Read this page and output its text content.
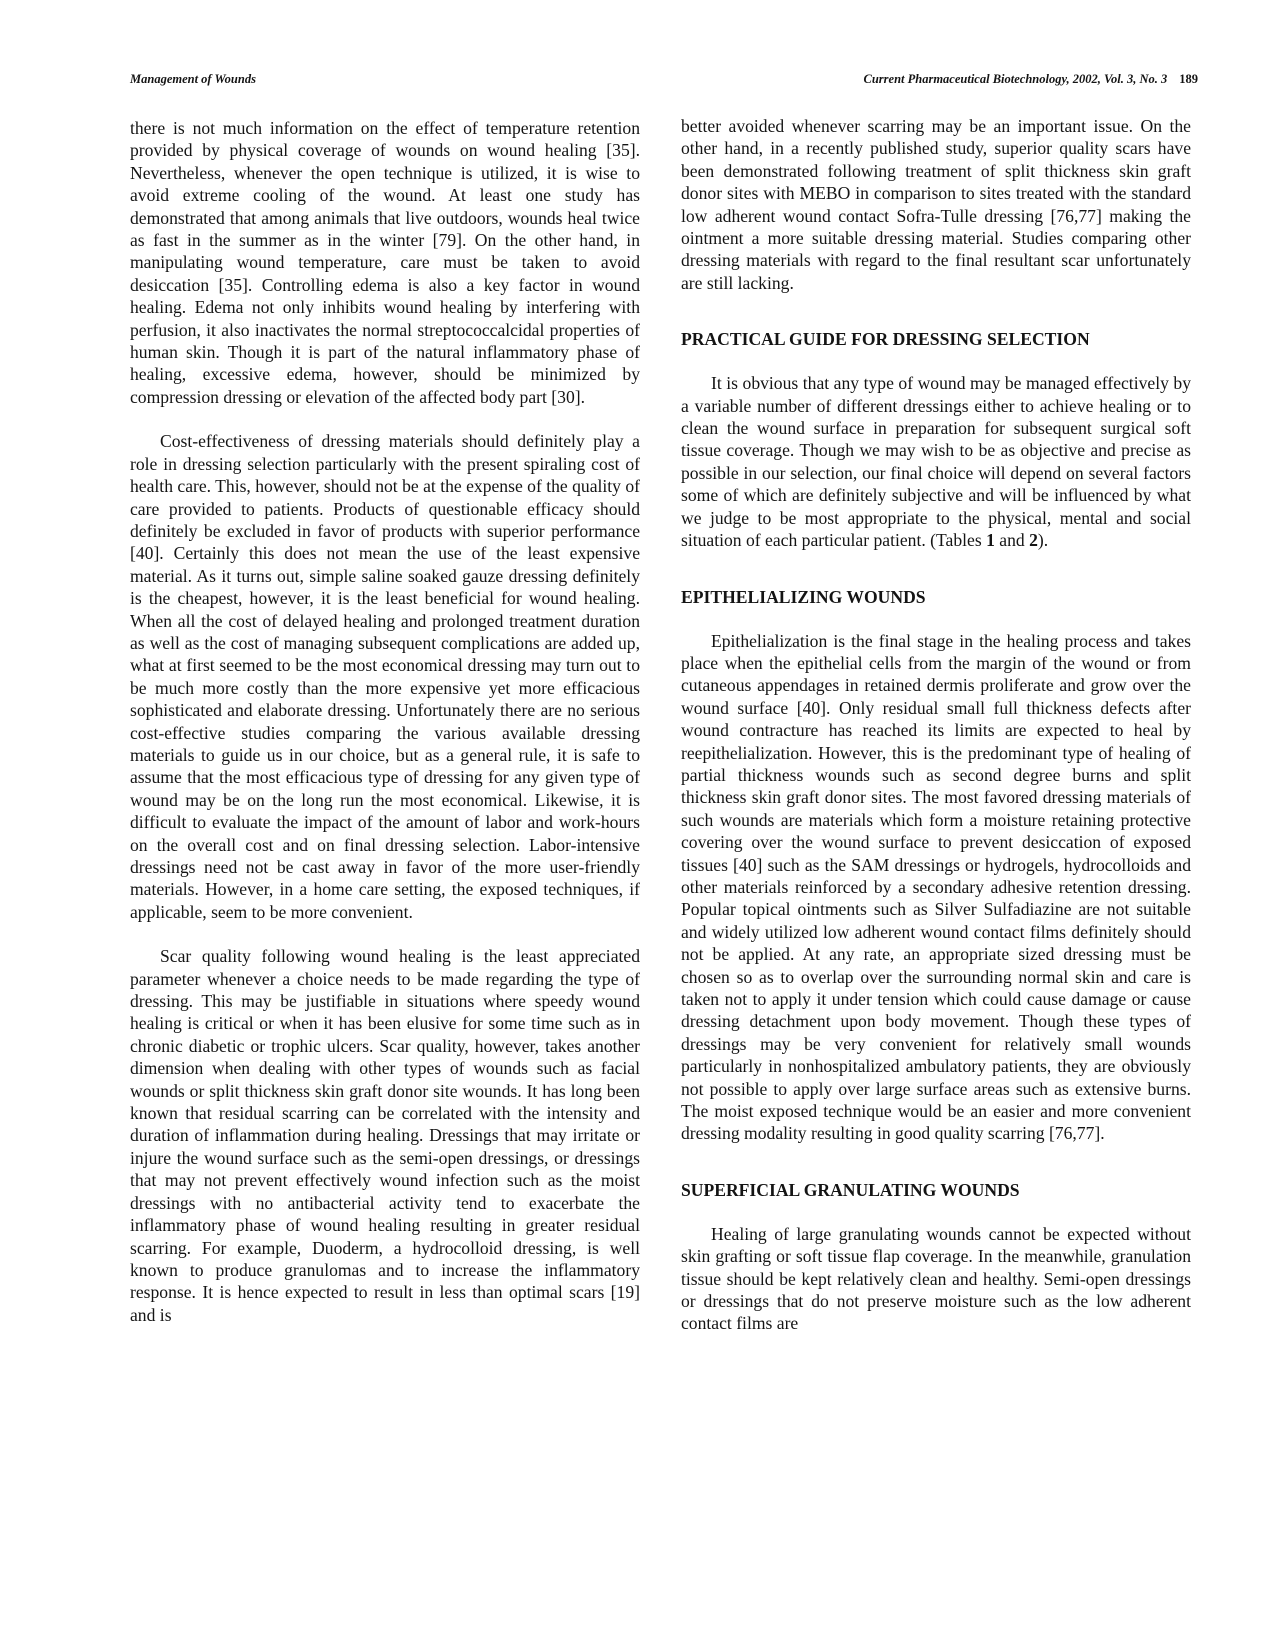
Management of Wounds	Current Pharmaceutical Biotechnology, 2002, Vol. 3, No. 3 189

there is not much information on the effect of temperature retention provided by physical coverage of wounds on wound healing [35]. Nevertheless, whenever the open technique is utilized, it is wise to avoid extreme cooling of the wound. At least one study has demonstrated that among animals that live outdoors, wounds heal twice as fast in the summer as in the winter [79]. On the other hand, in manipulating wound temperature, care must be taken to avoid desiccation [35]. Controlling edema is also a key factor in wound healing. Edema not only inhibits wound healing by interfering with perfusion, it also inactivates the normal streptococcalcidal properties of human skin. Though it is part of the natural inflammatory phase of healing, excessive edema, however, should be minimized by compression dressing or elevation of the affected body part [30].

Cost-effectiveness of dressing materials should definitely play a role in dressing selection particularly with the present spiraling cost of health care. This, however, should not be at the expense of the quality of care provided to patients. Products of questionable efficacy should definitely be excluded in favor of products with superior performance [40]. Certainly this does not mean the use of the least expensive material. As it turns out, simple saline soaked gauze dressing definitely is the cheapest, however, it is the least beneficial for wound healing. When all the cost of delayed healing and prolonged treatment duration as well as the cost of managing subsequent complications are added up, what at first seemed to be the most economical dressing may turn out to be much more costly than the more expensive yet more efficacious sophisticated and elaborate dressing. Unfortunately there are no serious cost-effective studies comparing the various available dressing materials to guide us in our choice, but as a general rule, it is safe to assume that the most efficacious type of dressing for any given type of wound may be on the long run the most economical. Likewise, it is difficult to evaluate the impact of the amount of labor and work-hours on the overall cost and on final dressing selection. Labor-intensive dressings need not be cast away in favor of the more user-friendly materials. However, in a home care setting, the exposed techniques, if applicable, seem to be more convenient.

Scar quality following wound healing is the least appreciated parameter whenever a choice needs to be made regarding the type of dressing. This may be justifiable in situations where speedy wound healing is critical or when it has been elusive for some time such as in chronic diabetic or trophic ulcers. Scar quality, however, takes another dimension when dealing with other types of wounds such as facial wounds or split thickness skin graft donor site wounds. It has long been known that residual scarring can be correlated with the intensity and duration of inflammation during healing. Dressings that may irritate or injure the wound surface such as the semi-open dressings, or dressings that may not prevent effectively wound infection such as the moist dressings with no antibacterial activity tend to exacerbate the inflammatory phase of wound healing resulting in greater residual scarring. For example, Duoderm, a hydrocolloid dressing, is well known to produce granulomas and to increase the inflammatory response. It is hence expected to result in less than optimal scars [19] and is

better avoided whenever scarring may be an important issue. On the other hand, in a recently published study, superior quality scars have been demonstrated following treatment of split thickness skin graft donor sites with MEBO in comparison to sites treated with the standard low adherent wound contact Sofra-Tulle dressing [76,77] making the ointment a more suitable dressing material. Studies comparing other dressing materials with regard to the final resultant scar unfortunately are still lacking.

PRACTICAL GUIDE FOR DRESSING SELECTION

It is obvious that any type of wound may be managed effectively by a variable number of different dressings either to achieve healing or to clean the wound surface in preparation for subsequent surgical soft tissue coverage. Though we may wish to be as objective and precise as possible in our selection, our final choice will depend on several factors some of which are definitely subjective and will be influenced by what we judge to be most appropriate to the physical, mental and social situation of each particular patient. (Tables 1 and 2).

EPITHELIALIZING WOUNDS

Epithelialization is the final stage in the healing process and takes place when the epithelial cells from the margin of the wound or from cutaneous appendages in retained dermis proliferate and grow over the wound surface [40]. Only residual small full thickness defects after wound contracture has reached its limits are expected to heal by reepithelialization. However, this is the predominant type of healing of partial thickness wounds such as second degree burns and split thickness skin graft donor sites. The most favored dressing materials of such wounds are materials which form a moisture retaining protective covering over the wound surface to prevent desiccation of exposed tissues [40] such as the SAM dressings or hydrogels, hydrocolloids and other materials reinforced by a secondary adhesive retention dressing. Popular topical ointments such as Silver Sulfadiazine are not suitable and widely utilized low adherent wound contact films definitely should not be applied. At any rate, an appropriate sized dressing must be chosen so as to overlap over the surrounding normal skin and care is taken not to apply it under tension which could cause damage or cause dressing detachment upon body movement. Though these types of dressings may be very convenient for relatively small wounds particularly in nonhospitalized ambulatory patients, they are obviously not possible to apply over large surface areas such as extensive burns. The moist exposed technique would be an easier and more convenient dressing modality resulting in good quality scarring [76,77].

SUPERFICIAL GRANULATING WOUNDS

Healing of large granulating wounds cannot be expected without skin grafting or soft tissue flap coverage. In the meanwhile, granulation tissue should be kept relatively clean and healthy. Semi-open dressings or dressings that do not preserve moisture such as the low adherent contact films are
